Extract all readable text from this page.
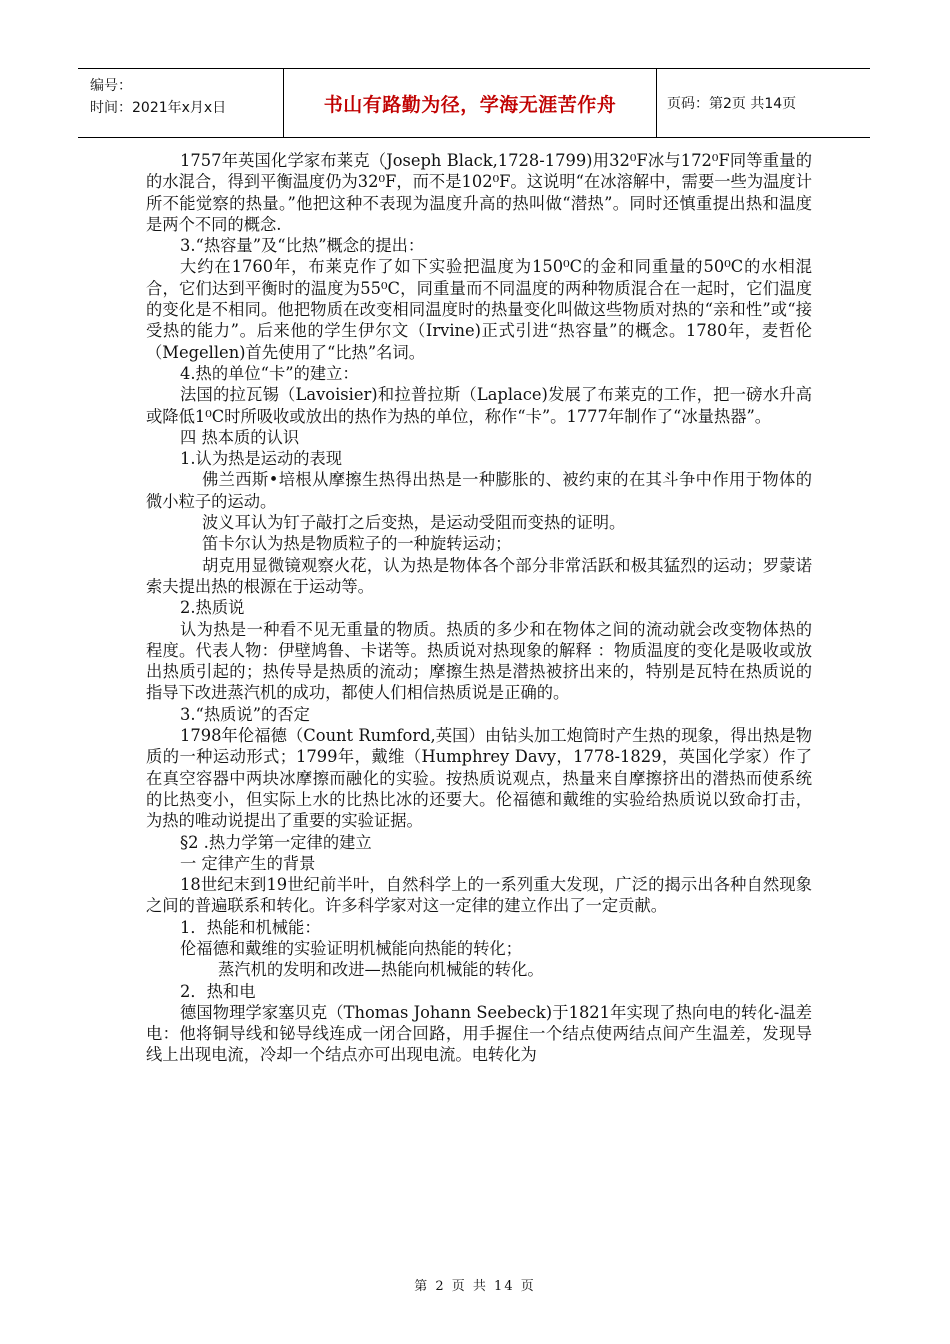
编号：
时间：2021年x月x日	书山有路勤为径，学海无涯苦作舟	页码：第2页 共14页

1757年英国化学家布莱克（Joseph Black,1728-1799)用32⁰F冰与172⁰F同等重量的的水混合，得到平衡温度仍为32⁰F，而不是102⁰F。这说明“在冰溶解中，需要一些为温度计所不能觉察的热量。”他把这种不表现为温度升高的热叫做“潜热”。同时还慎重提出热和温度是两个不同的概念.

3.“热容量”及“比热”概念的提出：

大约在1760年，布莱克作了如下实验把温度为150⁰C的金和同重量的50⁰C的水相混合，它们达到平衡时的温度为55⁰C，同重量而不同温度的两种物质混合在一起时，它们温度的变化是不相同。他把物质在改变相同温度时的热量变化叫做这些物质对热的“亲和性”或“接受热的能力”。后来他的学生伊尔文（Irvine)正式引进“热容量”的概念。1780年，麦哲伦（Megellen)首先使用了“比热”名词。

4.热的单位“卡”的建立：

法国的拉瓦锡（Lavoisier)和拉普拉斯（Laplace)发展了布莱克的工作，把一磅水升高或降低1⁰C时所吸收或放出的热作为热的单位，称作“卡”。1777年制作了“冰量热器”。

四 热本质的认识

1.认为热是运动的表现

佛兰西斯•培根从摩擦生热得出热是一种膨胀的、被约束的在其斗争中作用于物体的微小粒子的运动。

波义耳认为钉子敲打之后变热，是运动受阻而变热的证明。

笛卡尔认为热是物质粒子的一种旋转运动；

胡克用显微镜观察火花，认为热是物体各个部分非常活跃和极其猛烈的运动；罗蒙诺索夫提出热的根源在于运动等。

2.热质说

认为热是一种看不见无重量的物质。热质的多少和在物体之间的流动就会改变物体热的程度。代表人物：伊壁鸠鲁、卡诺等。热质说对热现象的解释 ：物质温度的变化是吸收或放出热质引起的；热传导是热质的流动；摩擦生热是潜热被挤出来的，特别是瓦特在热质说的指导下改进蒸汽机的成功，都使人们相信热质说是正确的。

3.“热质说”的否定

1798年伦福德（Count Rumford,英国）由钻头加工炮筒时产生热的现象，得出热是物质的一种运动形式；1799年，戴维（Humphrey Davy，1778-1829，英国化学家）作了在真空容器中两块冰摩擦而融化的实验。按热质说观点，热量来自摩擦挤出的潜热而使系统的比热变小，但实际上水的比热比冰的还要大。伦福德和戴维的实验给热质说以致命打击，为热的唯动说提出了重要的实验证据。

§2 .热力学第一定律的建立

一 定律产生的背景

18世纪末到19世纪前半叶，自然科学上的一系列重大发现，广泛的揭示出各种自然现象之间的普遍联系和转化。许多科学家对这一定律的建立作出了一定贡献。

1．热能和机械能：

伦福德和戴维的实验证明机械能向热能的转化；

蒸汽机的发明和改进—热能向机械能的转化。

2．热和电

德国物理学家塞贝克（Thomas Johann Seebeck)于1821年实现了热向电的转化-温差电：他将铜导线和铋导线连成一闭合回路，用手握住一个结点使两结点间产生温差，发现导线上出现电流，冷却一个结点亦可出现电流。电转化为

第 2 页 共 14 页
